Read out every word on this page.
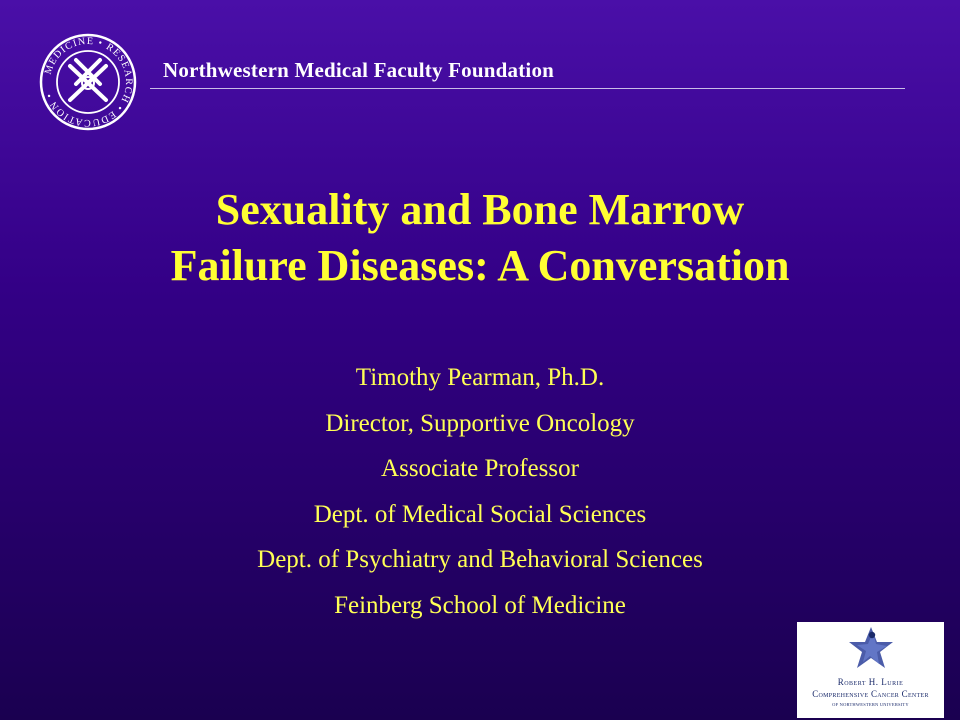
MEDICINE • RESEARCH • EDUCATION •
Northwestern Medical Faculty Foundation
Sexuality and Bone Marrow
Failure Diseases: A Conversation
Timothy Pearman, Ph.D.
Director, Supportive Oncology
Associate Professor
Dept. of Medical Social Sciences
Dept. of Psychiatry and Behavioral Sciences
Feinberg School of Medicine
Robert H. Lurie
Comprehensive Cancer Center
OF NORTHWESTERN UNIVERSITY
